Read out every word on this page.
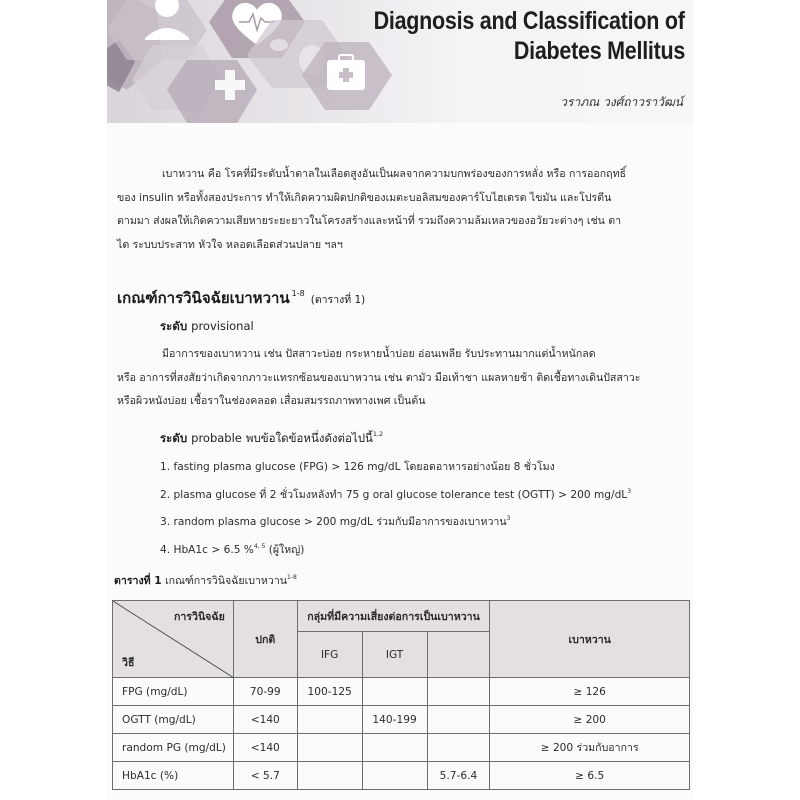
Diagnosis and Classification of
Diabetes Mellitus
วราภณ วงศ์ถาวราวัฒน์
เบาหวาน คือ โรคที่มีระดับน้ำตาลในเลือดสูงอันเป็นผลจากความบกพร่องของการหลั่ง หรือ การออกฤทธิ์
ของ insulin หรือทั้งสองประการ ทำให้เกิดความผิดปกติของเมตะบอลิสมของคาร์โบไฮเดรต ไขมัน และโปรตีน
ตามมา ส่งผลให้เกิดความเสียหายระยะยาวในโครงสร้างและหน้าที่ รวมถึงความล้มเหลวของอวัยวะต่างๆ เช่น ตา
ไต ระบบประสาท หัวใจ หลอดเลือดส่วนปลาย ฯลฯ
เกณฑ์การวินิจฉัยเบาหวาน $^{1-8}$(ตารางที่ 1)
ระดับ provisional
มีอาการของเบาหวาน เช่น ปัสสาวะบ่อย กระหายน้ำบ่อย อ่อนเพลีย รับประทานมากแต่น้ำหนักลด
หรือ อาการที่สงสัยว่าเกิดจากภาวะแทรกซ้อนของเบาหวาน เช่น ตามัว มือเท้าชา แผลหายช้า ติดเชื้อทางเดินปัสสาวะ
หรือผิวหนังบ่อย เชื้อราในช่องคลอด เสื่อมสมรรถภาพทางเพศ เป็นต้น
ระดับ probable พบข้อใดข้อหนึ่งดังต่อไปนี้$^{1,2}$
1. fasting plasma glucose (FPG) > 126 mg/dL โดยอดอาหารอย่างน้อย 8 ชั่วโมง
2. plasma glucose ที่ 2 ชั่วโมงหลังทำ 75 g oral glucose tolerance test (OGTT) > 200 $mg/dL^3$
3. random plasma glucose > 200 mg/dL ร่วมกับมีอาการของเบาหวาน$^3$
4. HbA1c > 6.5 %$^{4, 5}$ (ผู้ใหญ่)
ตารางที่ 1 เกณฑ์การวินิจฉัยเบาหวาน$^{1-8}$
การวินิจฉัย
วิธี	ปกติ	กลุ่มที่มีความเสี่ยงต่อการเป็นเบาหวาน			เบาหวาน
		IFG	IGT		
FPG (mg/dL)	70-99	100-125			≥ 126
OGTT (mg/dL)	<140		140-199		≥ 200
random PG (mg/dL)	<140				≥ 200 ร่วมกับอาการ
HbA1c (%)	< 5.7			5.7-6.4	≥ 6.5
